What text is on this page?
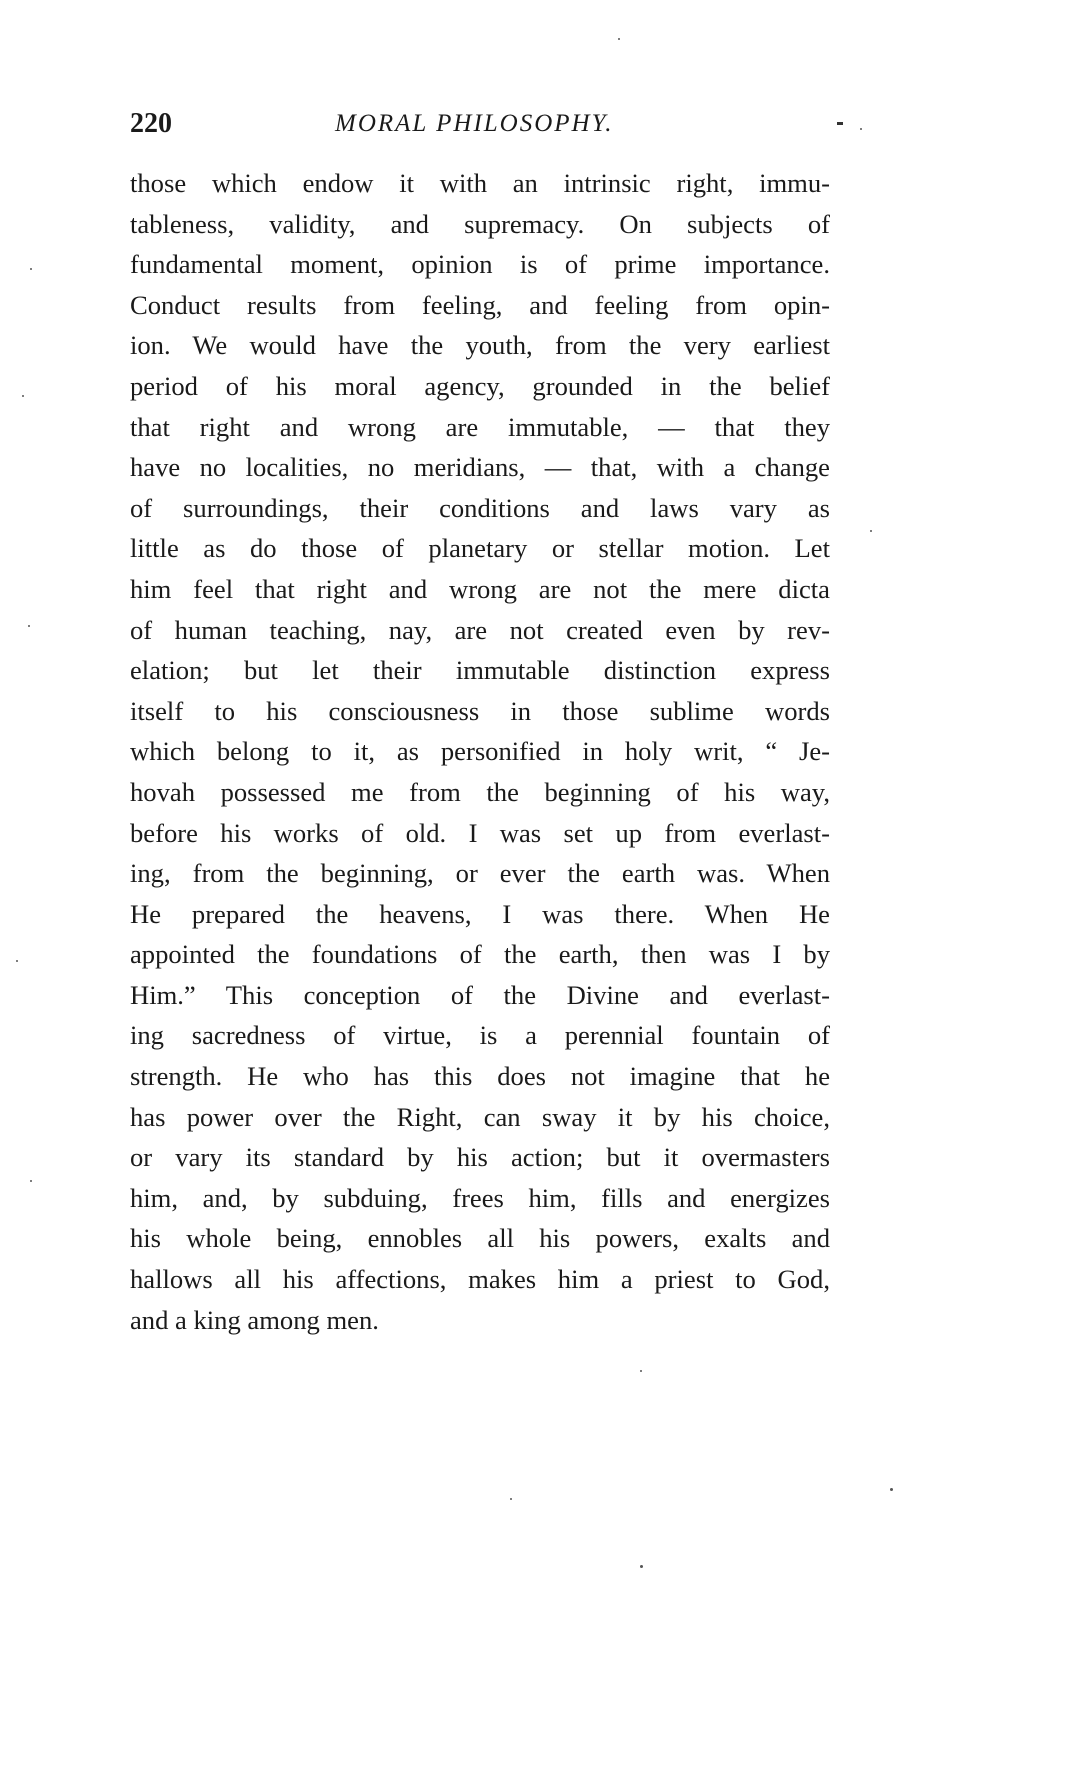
220	MORAL PHILOSOPHY.
those which endow it with an intrinsic right, immu-
tableness, validity, and supremacy. On subjects of
fundamental moment, opinion is of prime importance.
Conduct results from feeling, and feeling from opin-
ion. We would have the youth, from the very earliest
period of his moral agency, grounded in the belief
that right and wrong are immutable, — that they
have no localities, no meridians, — that, with a change
of surroundings, their conditions and laws vary as
little as do those of planetary or stellar motion. Let
him feel that right and wrong are not the mere dicta
of human teaching, nay, are not created even by rev-
elation; but let their immutable distinction express
itself to his consciousness in those sublime words
which belong to it, as personified in holy writ, “ Je-
hovah possessed me from the beginning of his way,
before his works of old. I was set up from everlast-
ing, from the beginning, or ever the earth was. When
He prepared the heavens, I was there. When He
appointed the foundations of the earth, then was I by
Him.” This conception of the Divine and everlast-
ing sacredness of virtue, is a perennial fountain of
strength. He who has this does not imagine that he
has power over the Right, can sway it by his choice,
or vary its standard by his action; but it overmasters
him, and, by subduing, frees him, fills and energizes
his whole being, ennobles all his powers, exalts and
hallows all his affections, makes him a priest to God,
and a king among men.
